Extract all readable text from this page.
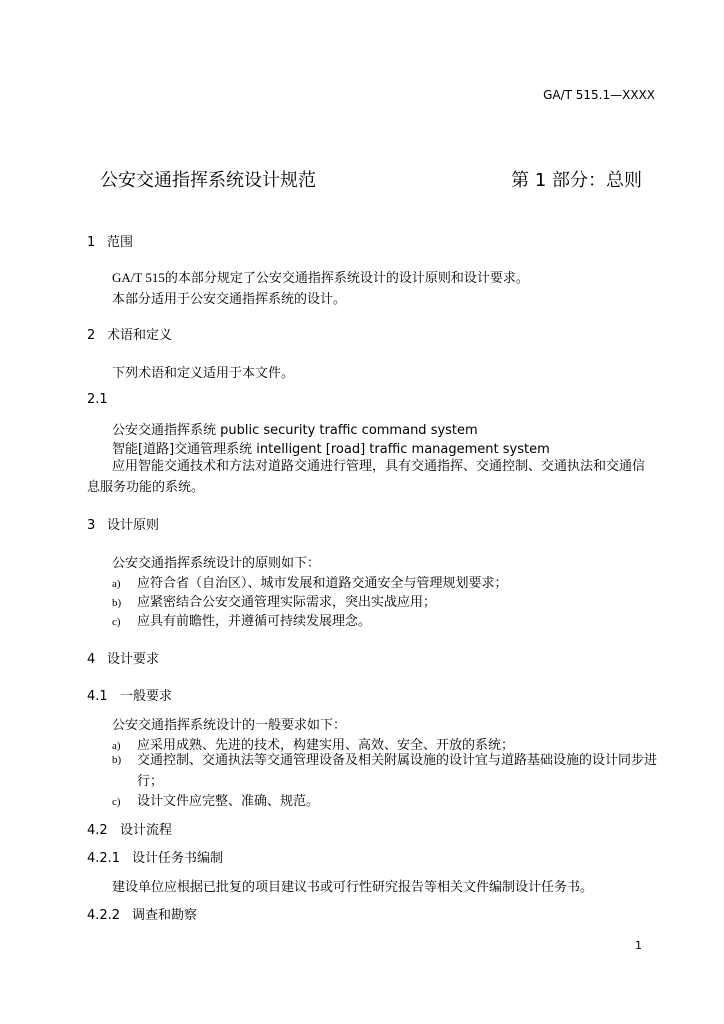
GA/T 515.1—XXXX
公安交通指挥系统设计规范	第 1 部分：总则
1 范围
GA/T 515的本部分规定了公安交通指挥系统设计的设计原则和设计要求。
本部分适用于公安交通指挥系统的设计。
2 术语和定义
下列术语和定义适用于本文件。
2.1
公安交通指挥系统 public security traffic command system
智能[道路]交通管理系统 intelligent [road] traffic management system
应用智能交通技术和方法对道路交通进行管理，具有交通指挥、交通控制、交通执法和交通信息服务功能的系统。
3 设计原则
公安交通指挥系统设计的原则如下：
a) 应符合省（自治区）、城市发展和道路交通安全与管理规划要求；
b) 应紧密结合公安交通管理实际需求，突出实战应用；
c) 应具有前瞻性，并遵循可持续发展理念。
4 设计要求
4.1 一般要求
公安交通指挥系统设计的一般要求如下：
a) 应采用成熟、先进的技术，构建实用、高效、安全、开放的系统；
b) 交通控制、交通执法等交通管理设备及相关附属设施的设计宜与道路基础设施的设计同步进行；
c) 设计文件应完整、准确、规范。
4.2 设计流程
4.2.1 设计任务书编制
建设单位应根据已批复的项目建议书或可行性研究报告等相关文件编制设计任务书。
4.2.2 调查和勘察
1
